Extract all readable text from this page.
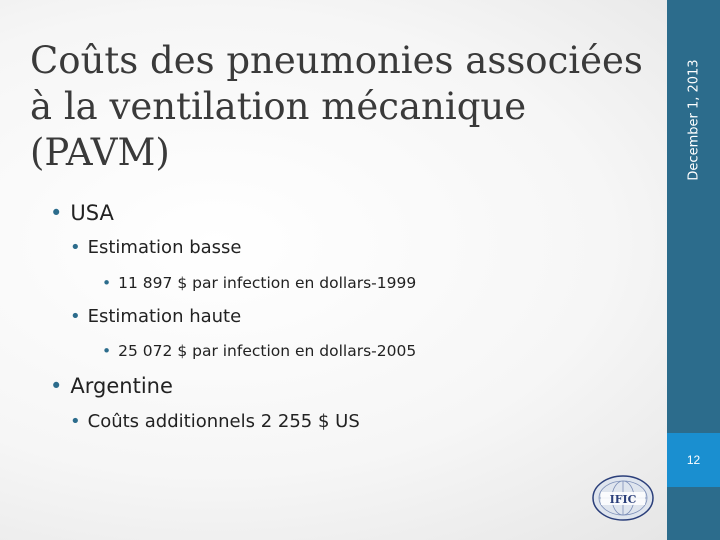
Coûts des pneumonies associées
à la ventilation mécanique (PAVM)
• USA
• Estimation basse
• 11 897 $ par infection en dollars-1999
• Estimation haute
• 25 072 $ par infection en dollars-2005
• Argentine
• Coûts additionnels 2 255 $ US
December 1, 2013
12
IFIC
